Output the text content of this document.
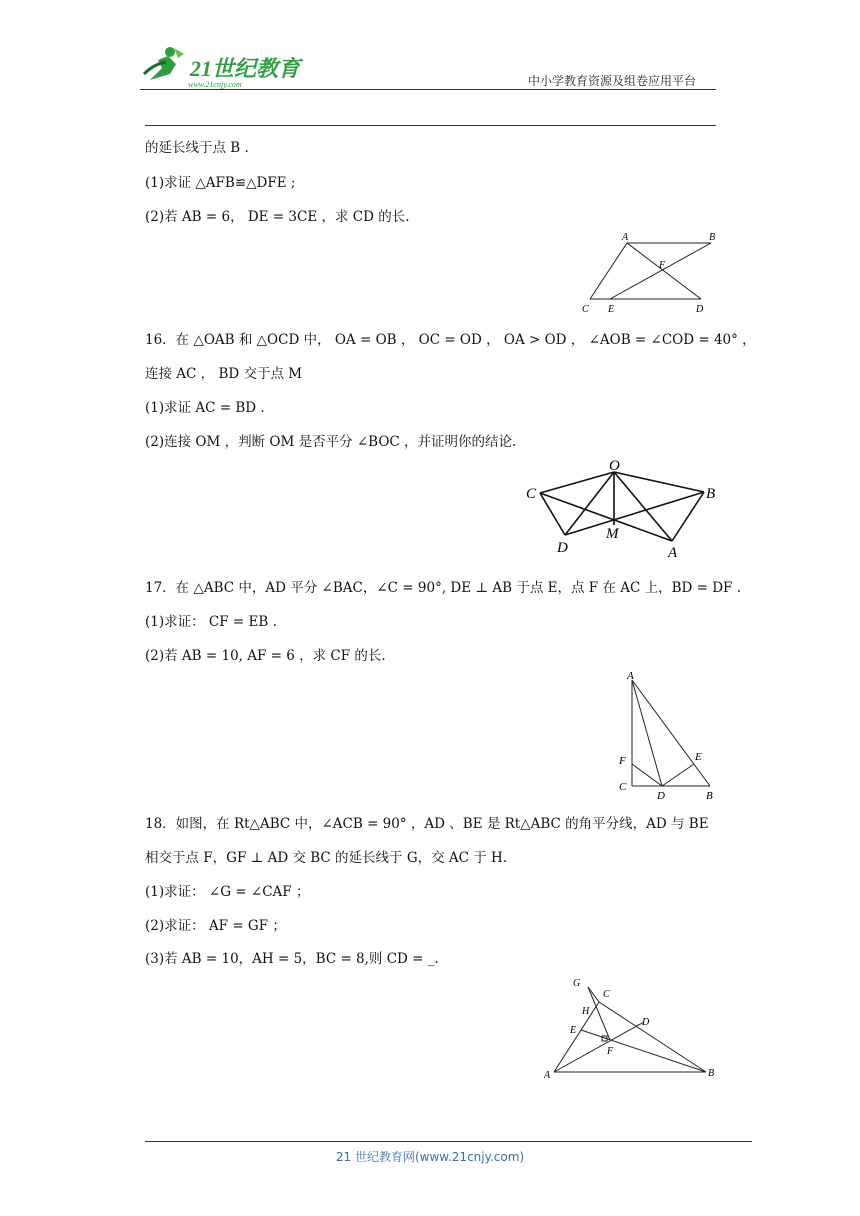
21世纪教育
www.21cnjy.com	中小学教育资源及组卷应用平台
的延长线于点 B .
(1)求证 △AFB≌△DFE ;
(2)若 AB = 6， DE = 3CE ，求 CD 的长.
A	B
C E	D
F
16．在 △OAB 和 △OCD 中， OA = OB ， OC = OD ， OA > OD ， ∠AOB = ∠COD = 40° ，
连接 AC ， BD 交于点 M
(1)求证 AC = BD .
(2)连接 OM ，判断 OM 是否平分 ∠BOC ，并证明你的结论.
O
C	B
D
M
A
17．在 △ABC 中，AD 平分 ∠BAC，∠C = 90°, DE ⊥ AB 于点 E，点 F 在 AC 上，BD = DF .
(1)求证： CF = EB .
(2)若 AB = 10, AF = 6 ，求 CF 的长.
A
F
C
D	B
E
18．如图，在 Rt△ABC 中，∠ACB = 90° ，AD 、BE 是 Rt△ABC 的角平分线，AD 与 BE
相交于点 F，GF ⊥ AD 交 BC 的延长线于 G，交 AC 于 H.
(1)求证： ∠G = ∠CAF ；
(2)求证： AF = GF ；
(3)若 AB = 10，AH = 5，BC = 8,则 CD = _.
G
C
H
D
E
F
A	B
21 世纪教育网(www.21cnjy.com)
